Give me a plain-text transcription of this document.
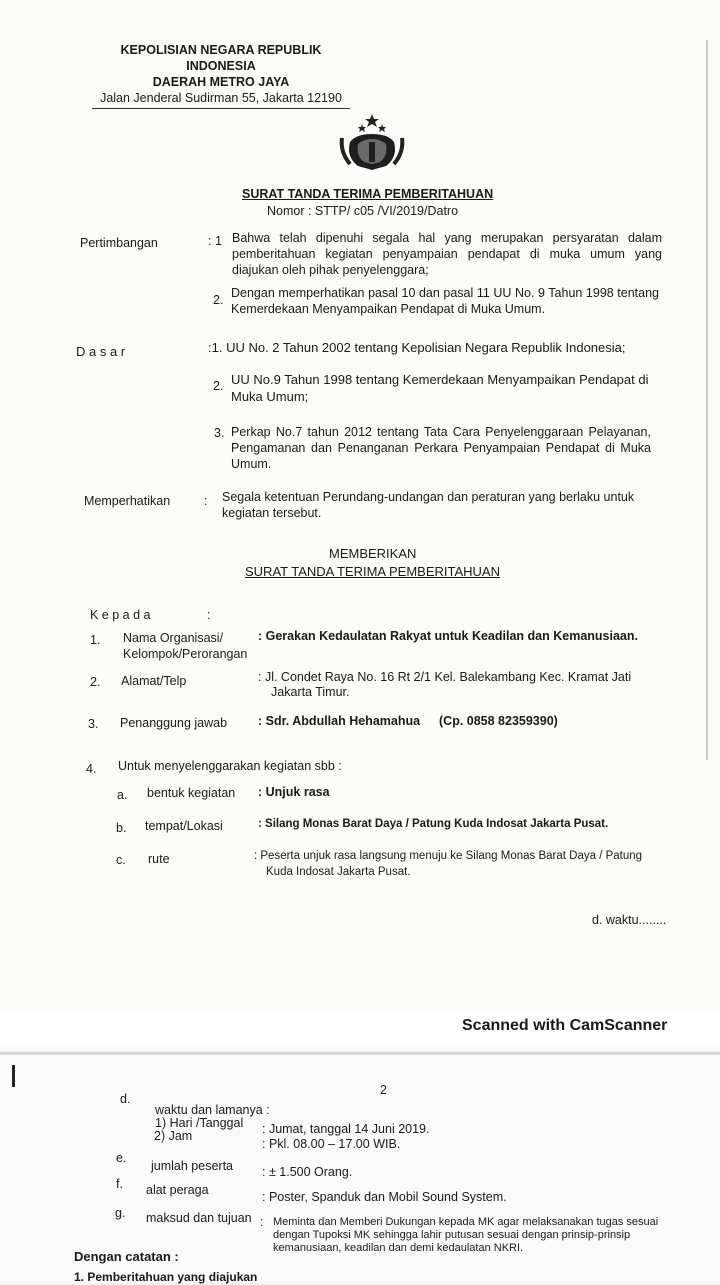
KEPOLISIAN NEGARA REPUBLIK INDONESIA
DAERAH METRO JAYA
Jalan Jenderal Sudirman 55, Jakarta 12190
SURAT TANDA TERIMA PEMBERITAHUAN
Nomor : STTP/ c05 /VI/2019/Datro
Pertimbangan	: 1 Bahwa telah dipenuhi segala hal yang merupakan persyaratan dalam pemberitahuan kegiatan penyampaian pendapat di muka umum yang diajukan oleh pihak penyelenggara;
2. Dengan memperhatikan pasal 10 dan pasal 11 UU No. 9 Tahun 1998 tentang Kemerdekaan Menyampaikan Pendapat di Muka Umum.
D a s a r	:1. UU No. 2 Tahun 2002 tentang Kepolisian Negara Republik Indonesia;
2. UU No.9 Tahun 1998 tentang Kemerdekaan Menyampaikan Pendapat di Muka Umum;
3. Perkap No.7 tahun 2012 tentang Tata Cara Penyelenggaraan Pelayanan, Pengamanan dan Penanganan Perkara Penyampaian Pendapat di Muka Umum.
Memperhatikan	: Segala ketentuan Perundang-undangan dan peraturan yang berlaku untuk kegiatan tersebut.
MEMBERIKAN
SURAT TANDA TERIMA PEMBERITAHUAN
K e p a d a	:
1. Nama Organisasi/ Kelompok/Perorangan
: Gerakan Kedaulatan Rakyat untuk Keadilan dan Kemanusiaan.
2. Alamat/Telp	: Jl. Condet Raya No. 16 Rt 2/1 Kel. Balekambang Kec. Kramat Jati
Jakarta Timur.
3. Penanggung jawab : Sdr. Abdullah Hehamahua (Cp. 0858 82359390)
4. Untuk menyelenggarakan kegiatan sbb :
a. bentuk kegiatan : Unjuk rasa
b. tempat/Lokasi	: Silang Monas Barat Daya / Patung Kuda Indosat Jakarta Pusat.
c. rute	: Peserta unjuk rasa langsung menuju ke Silang Monas Barat Daya / Patung
Kuda Indosat Jakarta Pusat.
d. waktu........
Scanned with CamScanner
2
d.
waktu dan lamanya :
1) Hari /Tanggal : Jumat, tanggal 14 Juni 2019.
2) Jam
: Pkl. 08.00 – 17.00 WIB.
e.
jumlah peserta : ± 1.500 Orang.
f. alat peraga	: Poster, Spanduk dan Mobil Sound System.
g. maksud dan tujuan : Meminta dan Memberi Dukungan kepada MK agar melaksanakan tugas sesuai
dengan Tupoksi MK sehingga lahir putusan sesuai dengan prinsip-prinsip
kemanusiaan, keadilan dan demi kedaulatan NKRI.
Dengan catatan :
1. Pemberitahuan yang diajukan
